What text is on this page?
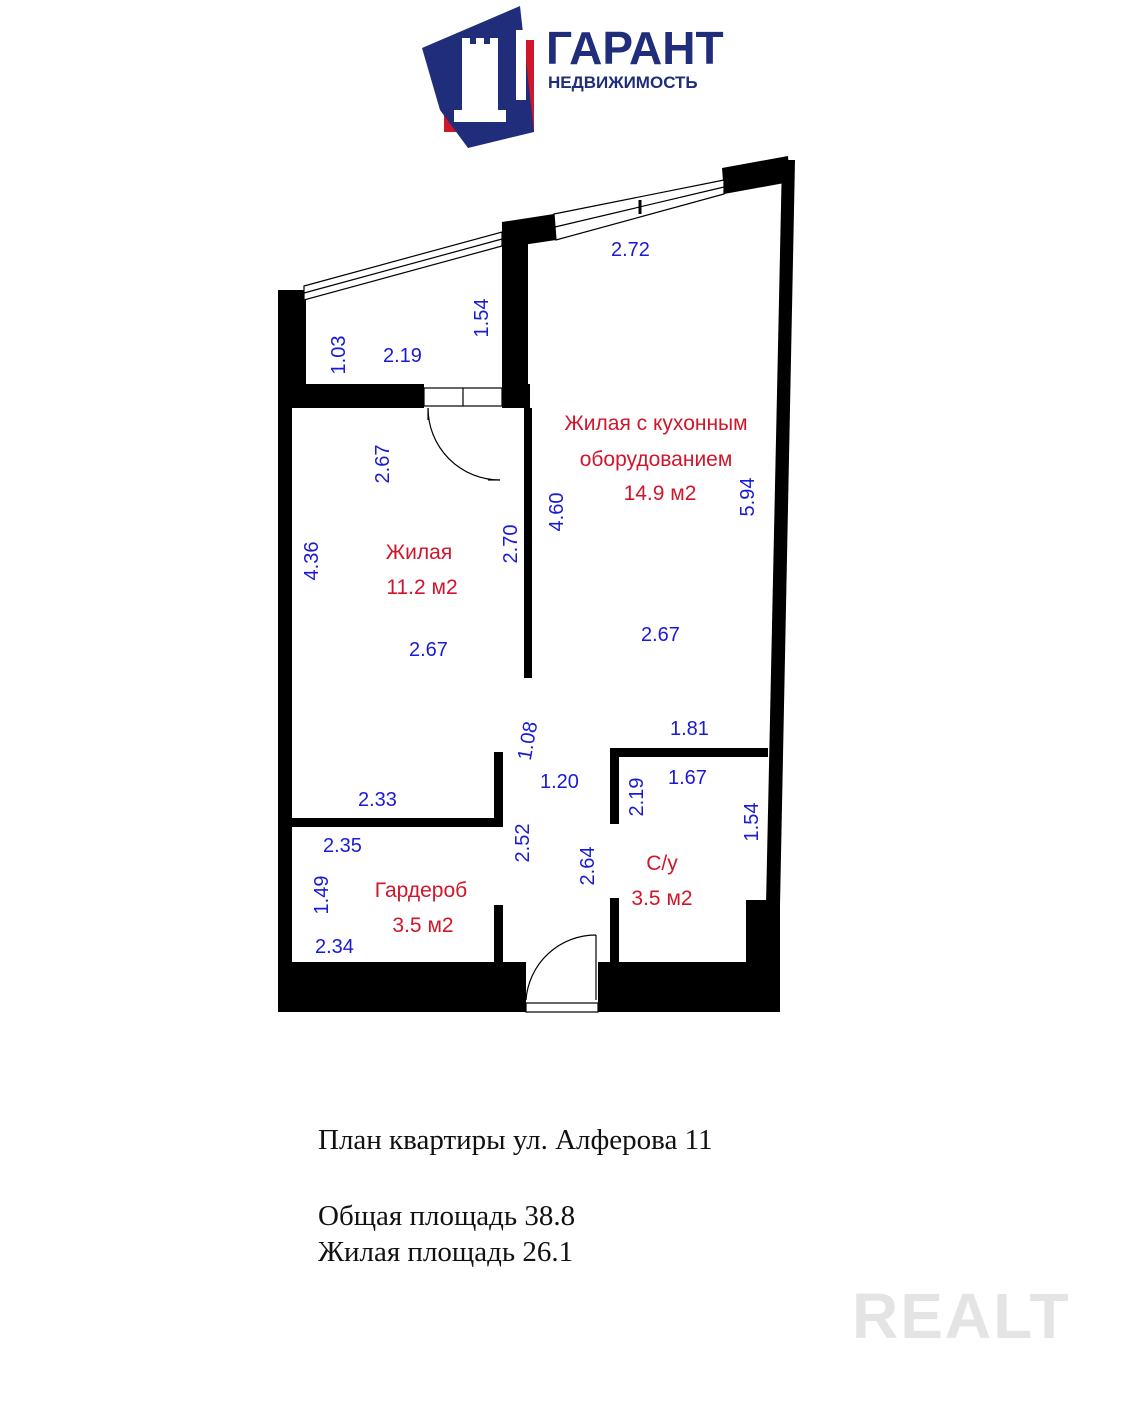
ГАРАНТ
НЕДВИЖИМОСТЬ
1.03 2.19
1.54
2.72
4.60	5.94
2.67
1.81
2.67
2.70
4.36
2.67
2.33
1.08
1.20
2.52
2.64
2.19 1.67
1.54
2.35
1.49
2.34
Жилая с кухонным
оборудованием
14.9 м2
Жилая
11.2 м2
Гардероб
3.5 м2
С/у
3.5 м2
REALT
План квартиры ул. Алферова 11
Общая площадь 38.8
Жилая площадь 26.1
